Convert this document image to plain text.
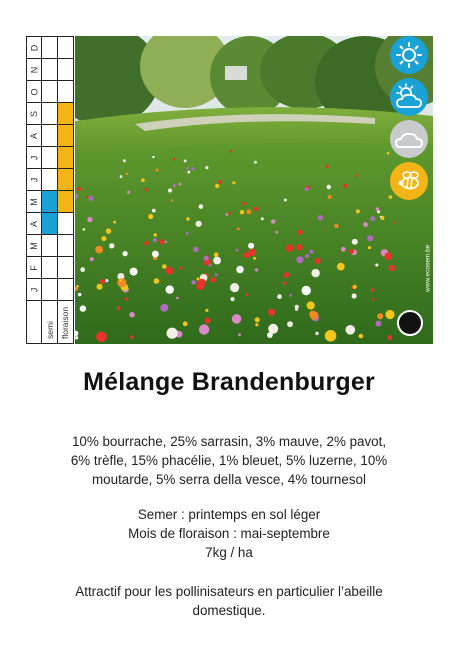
D
N
O
S
A
J
J
M
A
M
F
J
semi floraison
www.ecosem.be
Mélange Brandenburger

10% bourrache, 25% sarrasin, 3% mauve, 2% pavot,

6% trèfle, 15% phacélie, 1% bleuet, 5% luzerne, 10%

moutarde, 5% serra della vesce, 4% tournesol

Semer : printemps en sol léger

Mois de floraison : mai-septembre

7kg / ha

Attractif pour les pollinisateurs en particulier l’abeille

domestique.
